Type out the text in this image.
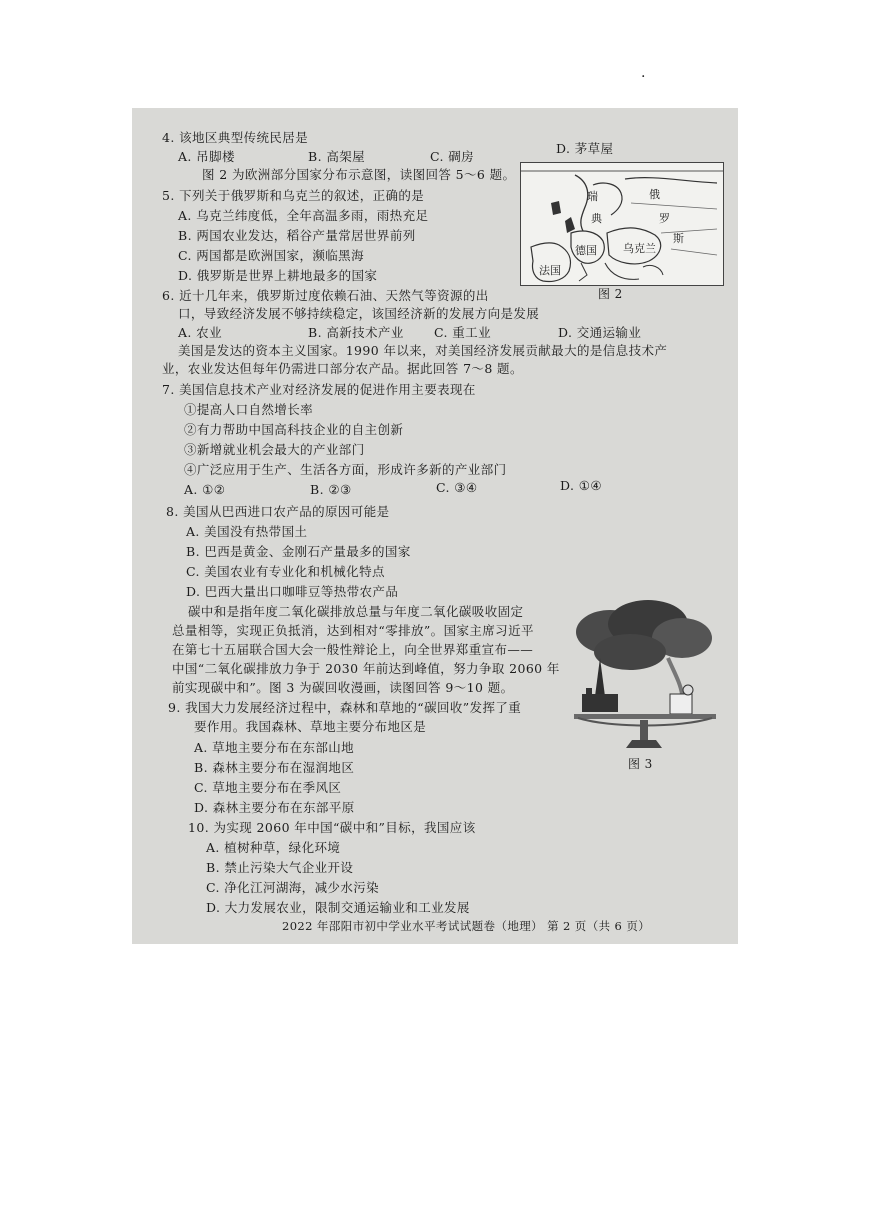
.
4. 该地区典型传统民居是
A. 吊脚楼	B. 高架屋	C. 碉房
D. 茅草屋
图 2 为欧洲部分国家分布示意图，读图回答 5～6 题。
5. 下列关于俄罗斯和乌克兰的叙述，正确的是
A. 乌克兰纬度低，全年高温多雨，雨热充足
B. 两国农业发达，稻谷产量常居世界前列
C. 两国都是欧洲国家，濒临黑海
D. 俄罗斯是世界上耕地最多的国家
瑞	俄
典	罗
斯
德国 乌克兰
法国
图 2
6. 近十几年来，俄罗斯过度依赖石油、天然气等资源的出
口，导致经济发展不够持续稳定，该国经济新的发展方向是发展
A. 农业	B. 高新技术产业 C. 重工业	D. 交通运输业
美国是发达的资本主义国家。1990 年以来，对美国经济发展贡献最大的是信息技术产
业，农业发达但每年仍需进口部分农产品。据此回答 7～8 题。
7. 美国信息技术产业对经济发展的促进作用主要表现在
①提高人口自然增长率
②有力帮助中国高科技企业的自主创新
③新增就业机会最大的产业部门
④广泛应用于生产、生活各方面，形成许多新的产业部门
A. ①②	B. ②③	C. ③④	D. ①④
8. 美国从巴西进口农产品的原因可能是
A. 美国没有热带国土
B. 巴西是黄金、金刚石产量最多的国家
C. 美国农业有专业化和机械化特点
D. 巴西大量出口咖啡豆等热带农产品
碳中和是指年度二氧化碳排放总量与年度二氧化碳吸收固定
总量相等，实现正负抵消，达到相对“零排放”。国家主席习近平
在第七十五届联合国大会一般性辩论上，向全世界郑重宣布——
中国“二氧化碳排放力争于 2030 年前达到峰值，努力争取 2060 年
前实现碳中和”。图 3 为碳回收漫画，读图回答 9～10 题。
图 3
9. 我国大力发展经济过程中，森林和草地的“碳回收”发挥了重
要作用。我国森林、草地主要分布地区是
A. 草地主要分布在东部山地
B. 森林主要分布在湿润地区
C. 草地主要分布在季风区
D. 森林主要分布在东部平原
10. 为实现 2060 年中国“碳中和”目标，我国应该
A. 植树种草，绿化环境
B. 禁止污染大气企业开设
C. 净化江河湖海，减少水污染
D. 大力发展农业，限制交通运输业和工业发展
2022 年邵阳市初中学业水平考试试题卷（地理） 第 2 页（共 6 页）
